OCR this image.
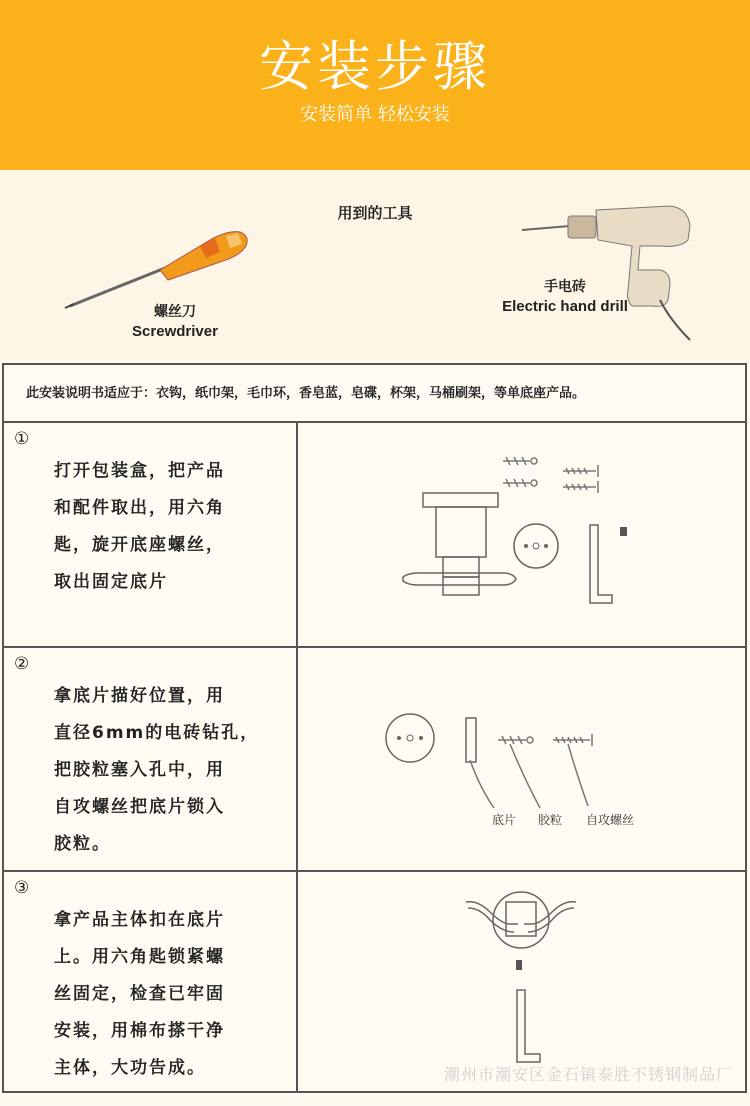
安装步骤
安装简单 轻松安装
用到的工具
螺丝刀
Screwdriver
手电砖
Electric hand drill
此安装说明书适应于：衣钩，纸巾架，毛巾环，香皂蓝，皂碟，杯架，马桶刷架，等单底座产品。
①
打开包装盒，把产品
和配件取出，用六角
匙，旋开底座螺丝，
取出固定底片
②
拿底片描好位置，用
直径6mm的电砖钻孔，
把胶粒塞入孔中，用
自攻螺丝把底片锁入
胶粒。
底片 胶粒 自攻螺丝
③
拿产品主体扣在底片
上。用六角匙锁紧螺
丝固定，检查已牢固
安装，用棉布搽干净
主体，大功告成。	潮州市潮安区金石镇泰胜不锈钢制品厂
